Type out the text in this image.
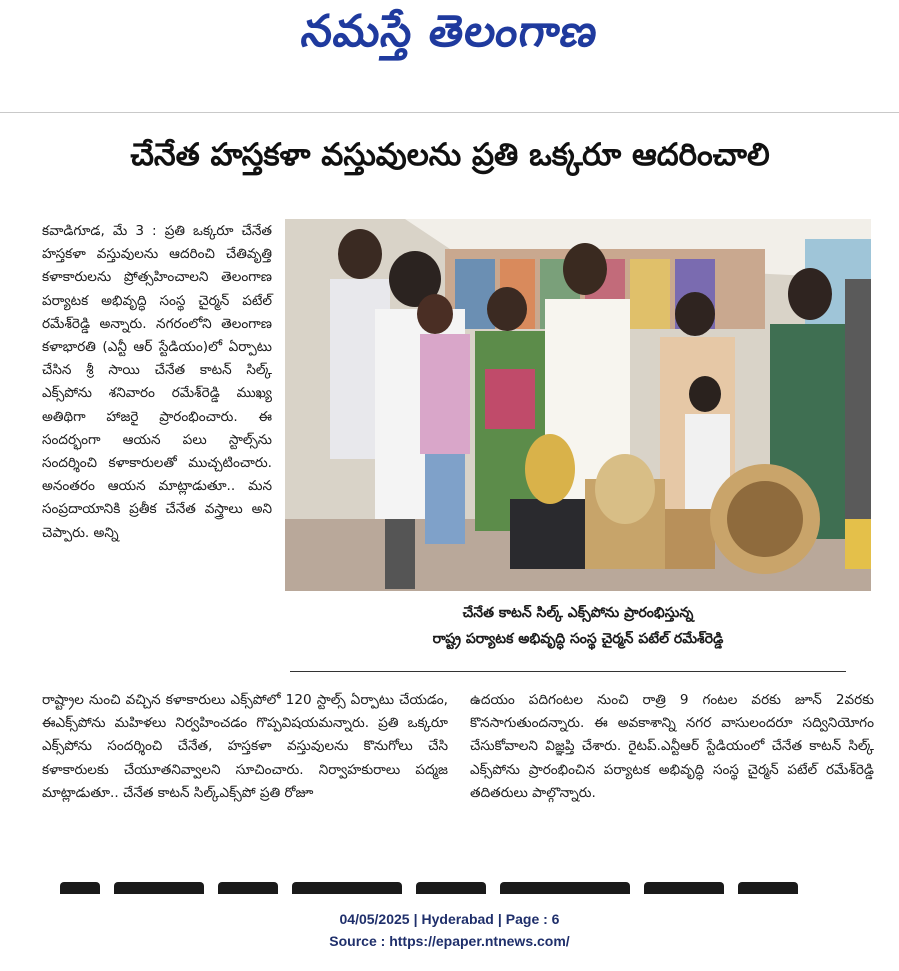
నమస్తే తెలంగాణ
చేనేత హస్తకళా వస్తువులను ప్రతి ఒక్కరూ ఆదరించాలి
కవాడిగూడ, మే 3 : ప్రతి ఒక్కరూ చేనేత హస్తకళా వస్తువులను ఆదరించి చేతివృత్తి కళాకారులను ప్రోత్సహించాలని తెలంగాణ పర్యాటక అభివృద్ధి సంస్థ చైర్మన్ పటేల్ రమేశ్‌రెడ్డి అన్నారు. నగరంలోని తెలంగాణ కళాభారతి (ఎన్టీ ఆర్ స్టేడియం)లో ఏర్పాటు చేసిన శ్రీ సాయి చేనేత కాటన్ సిల్క్ ఎక్స్‌పోను శనివారం రమేశ్‌రెడ్డి ముఖ్య అతిథిగా హాజరై ప్రారంభించారు. ఈ సందర్భంగా ఆయన పలు స్టాల్స్‌ను సందర్శించి కళాకారులతో ముచ్చటించారు. అనంతరం ఆయన మాట్లాడుతూ.. మన సంప్రదాయానికి ప్రతీక చేనేత వస్త్రాలు అని చెప్పారు. అన్ని
చేనేత కాటన్ సిల్క్ ఎక్స్‌పోను ప్రారంభిస్తున్న
రాష్ట్ర పర్యాటక అభివృద్ధి సంస్థ చైర్మన్ పటేల్ రమేశ్‌రెడ్డి
రాష్ట్రాల నుంచి వచ్చిన కళాకారులు ఎక్స్‌పోలో 120 స్టాల్స్ ఏర్పాటు చేయడం, ఈఎక్స్‌పోను మహిళలు నిర్వహించడం గొప్పవిషయమన్నారు. ప్రతి ఒక్కరూ ఎక్స్‌పోను సందర్శించి చేనేత, హస్తకళా వస్తువులను కొనుగోలు చేసి కళాకారులకు చేయూతనివ్వాలని సూచించారు. నిర్వాహకురాలు పద్మజ మాట్లాడుతూ.. చేనేత కాటన్ సిల్క్‌ఎక్స్‌పో ప్రతి రోజూ
ఉదయం పదిగంటల నుంచి రాత్రి 9 గంటల వరకు జూన్ 2వరకు కొనసాగుతుందన్నారు. ఈ అవకాశాన్ని నగర వాసులందరూ సద్వినియోగం చేసుకోవాలని విజ్ఞప్తి చేశారు. రైటప్.ఎన్టీఆర్ స్టేడియంలో చేనేత కాటన్ సిల్క్ ఎక్స్‌పోను ప్రారంభించిన పర్యాటక అభివృద్ధి సంస్థ చైర్మన్ పటేల్ రమేశ్‌రెడ్డి తదితరులు పాల్గొన్నారు.
04/05/2025 | Hyderabad | Page : 6
Source : https://epaper.ntnews.com/
